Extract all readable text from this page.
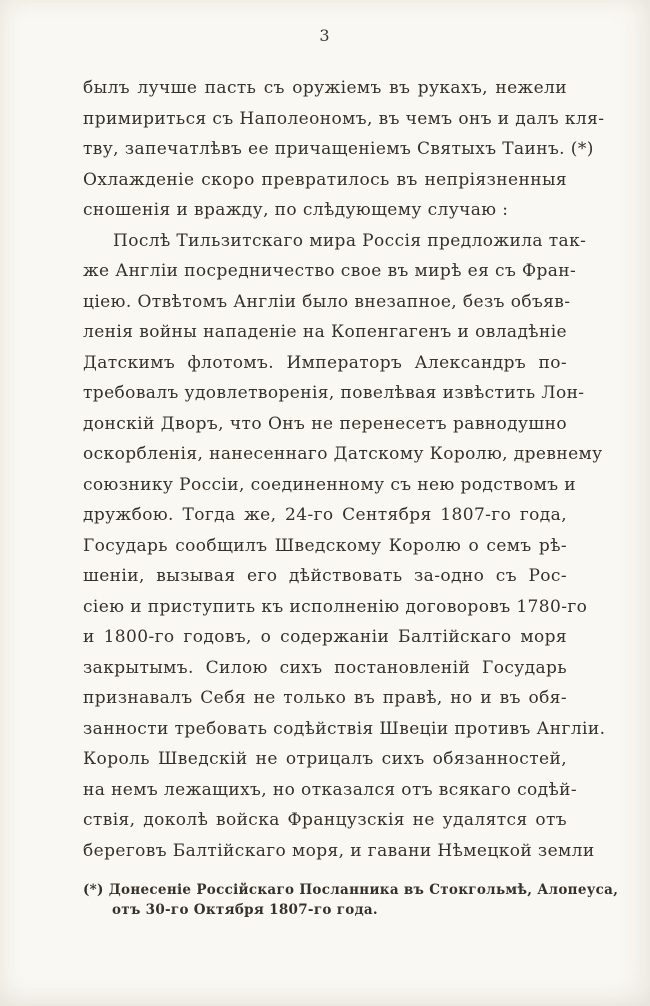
3
былъ лучше пасть съ оружіемъ въ рукахъ, нежели
примириться съ Наполеономъ, въ чемъ онъ и далъ кля-
тву, запечатлѣвъ ее причащеніемъ Святыхъ Таинъ. (*)
Охлажденіе скоро превратилось въ непріязненныя
сношенія и вражду, по слѣдующему случаю :
Послѣ Тильзитскаго мира Россія предложила так-
же Англіи посредничество свое въ мирѣ ея съ Фран-
ціею. Отвѣтомъ Англіи было внезапное, безъ объяв-
ленія войны нападеніе на Копенгагенъ и овладѣніе
Датскимъ флотомъ. Императоръ Александръ по-
требовалъ удовлетворенія, повелѣвая извѣстить Лон-
донскій Дворъ, что Онъ не перенесетъ равнодушно
оскорбленія, нанесеннаго Датскому Королю, древнему
союзнику Россіи, соединенному съ нею родствомъ и
дружбою. Тогда же, 24-го Сентября 1807-го года,
Государь сообщилъ Шведскому Королю о семъ рѣ-
шеніи, вызывая его дѣйствовать за-одно съ Рос-
сіею и приступить къ исполненію договоровъ 1780-го
и 1800-го годовъ, о содержаніи Балтійскаго моря
закрытымъ. Силою сихъ постановленій Государь
признавалъ Себя не только въ правѣ, но и въ обя-
занности требовать содѣйствія Швеціи противъ Англіи.
Король Шведскій не отрицалъ сихъ обязанностей,
на немъ лежащихъ, но отказался отъ всякаго содѣй-
ствія, доколѣ войска Французскія не удалятся отъ
береговъ Балтійскаго моря, и гавани Нѣмецкой земли
(*) Донесеніе Россійскаго Посланника въ Стокгольмѣ, Алопеуса,
отъ 30-го Октября 1807-го года.
